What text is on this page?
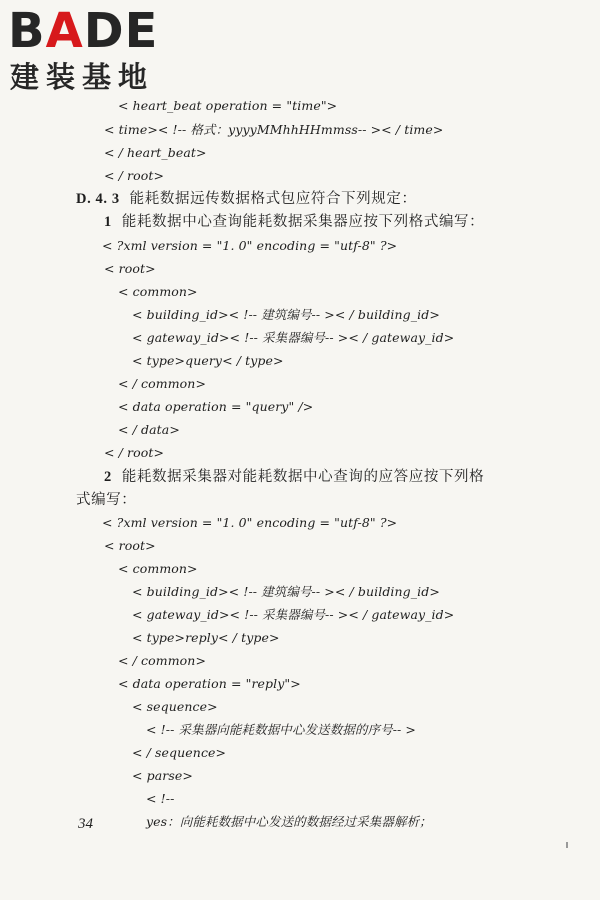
BADE
建装基地
< heart_beat operation = "time">
< time>< !-- 格式：yyyyMMhhHHmmss-- >< / time>
< / heart_beat>
< / root>
D. 4. 3 能耗数据远传数据格式包应符合下列规定：
1 能耗数据中心查询能耗数据采集器应按下列格式编写：
< ?xml version = "1. 0" encoding = "utf-8" ?>
< root>
< common>
< building_id>< !-- 建筑编号-- >< / building_id>
< gateway_id>< !-- 采集器编号-- >< / gateway_id>
< type>query< / type>
< / common>
< data operation = "query" />
< / data>
< / root>
2 能耗数据采集器对能耗数据中心查询的应答应按下列格
式编写：
< ?xml version = "1. 0" encoding = "utf-8" ?>
< root>
< common>
< building_id>< !-- 建筑编号-- >< / building_id>
< gateway_id>< !-- 采集器编号-- >< / gateway_id>
< type>reply< / type>
< / common>
< data operation = "reply">
< sequence>
< !-- 采集器向能耗数据中心发送数据的序号-- >
< / sequence>
< parse>
< !--
yes：向能耗数据中心发送的数据经过采集器解析；
34
